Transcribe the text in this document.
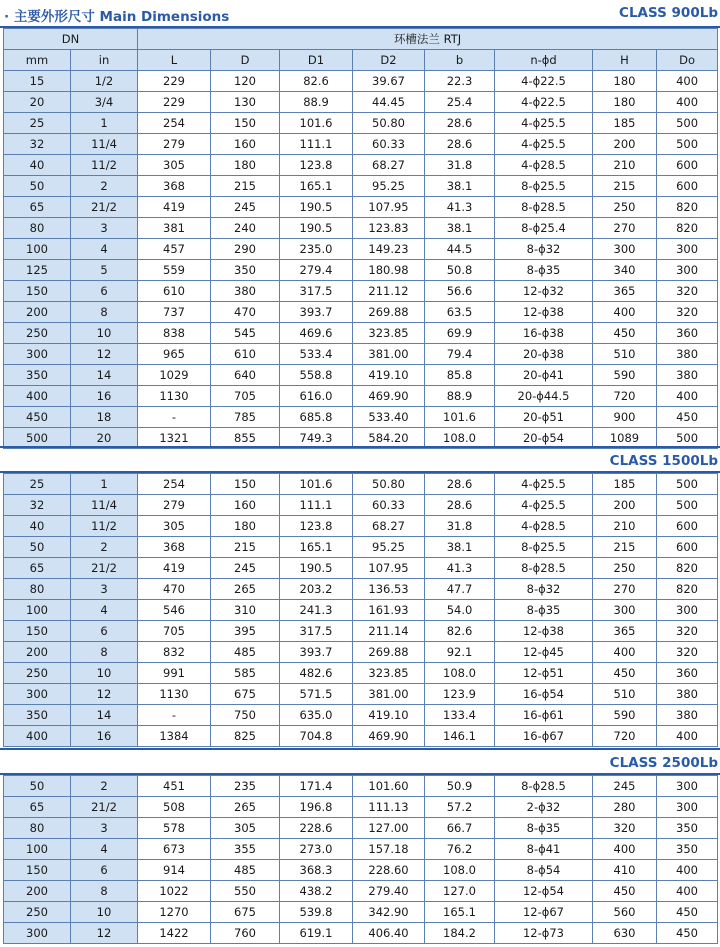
· 主要外形尺寸 Main Dimensions	CLASS 900Lb
DN		环槽法兰 RTJ							
mm	in	L	D	D1	D2	b	n-ϕd	H	Do
15	1/2	229	120	82.6	39.67	22.3	4-ϕ22.5	180	400
20	3/4	229	130	88.9	44.45	25.4	4-ϕ22.5	180	400
25	1	254	150	101.6	50.80	28.6	4-ϕ25.5	185	500
32	11/4	279	160	111.1	60.33	28.6	4-ϕ25.5	200	500
40	11/2	305	180	123.8	68.27	31.8	4-ϕ28.5	210	600
50	2	368	215	165.1	95.25	38.1	8-ϕ25.5	215	600
65	21/2	419	245	190.5	107.95	41.3	8-ϕ28.5	250	820
80	3	381	240	190.5	123.83	38.1	8-ϕ25.4	270	820
100	4	457	290	235.0	149.23	44.5	8-ϕ32	300	300
125	5	559	350	279.4	180.98	50.8	8-ϕ35	340	300
150	6	610	380	317.5	211.12	56.6	12-ϕ32	365	320
200	8	737	470	393.7	269.88	63.5	12-ϕ38	400	320
250	10	838	545	469.6	323.85	69.9	16-ϕ38	450	360
300	12	965	610	533.4	381.00	79.4	20-ϕ38	510	380
350	14	1029	640	558.8	419.10	85.8	20-ϕ41	590	380
400	16	1130	705	616.0	469.90	88.9	20-ϕ44.5	720	400
450	18	-	785	685.8	533.40	101.6	20-ϕ51	900	450
500	20	1321	855	749.3	584.20	108.0	20-ϕ54	1089	500
CLASS 1500Lb
25	1	254	150	101.6	50.80	28.6	4-ϕ25.5	185	500
32	11/4	279	160	111.1	60.33	28.6	4-ϕ25.5	200	500
40	11/2	305	180	123.8	68.27	31.8	4-ϕ28.5	210	600
50	2	368	215	165.1	95.25	38.1	8-ϕ25.5	215	600
65	21/2	419	245	190.5	107.95	41.3	8-ϕ28.5	250	820
80	3	470	265	203.2	136.53	47.7	8-ϕ32	270	820
100	4	546	310	241.3	161.93	54.0	8-ϕ35	300	300
150	6	705	395	317.5	211.14	82.6	12-ϕ38	365	320
200	8	832	485	393.7	269.88	92.1	12-ϕ45	400	320
250	10	991	585	482.6	323.85	108.0	12-ϕ51	450	360
300	12	1130	675	571.5	381.00	123.9	16-ϕ54	510	380
350	14	-	750	635.0	419.10	133.4	16-ϕ61	590	380
400	16	1384	825	704.8	469.90	146.1	16-ϕ67	720	400
CLASS 2500Lb
50	2	451	235	171.4	101.60	50.9	8-ϕ28.5	245	300
65	21/2	508	265	196.8	111.13	57.2	2-ϕ32	280	300
80	3	578	305	228.6	127.00	66.7	8-ϕ35	320	350
100	4	673	355	273.0	157.18	76.2	8-ϕ41	400	350
150	6	914	485	368.3	228.60	108.0	8-ϕ54	410	400
200	8	1022	550	438.2	279.40	127.0	12-ϕ54	450	400
250	10	1270	675	539.8	342.90	165.1	12-ϕ67	560	450
300	12	1422	760	619.1	406.40	184.2	12-ϕ73	630	450
